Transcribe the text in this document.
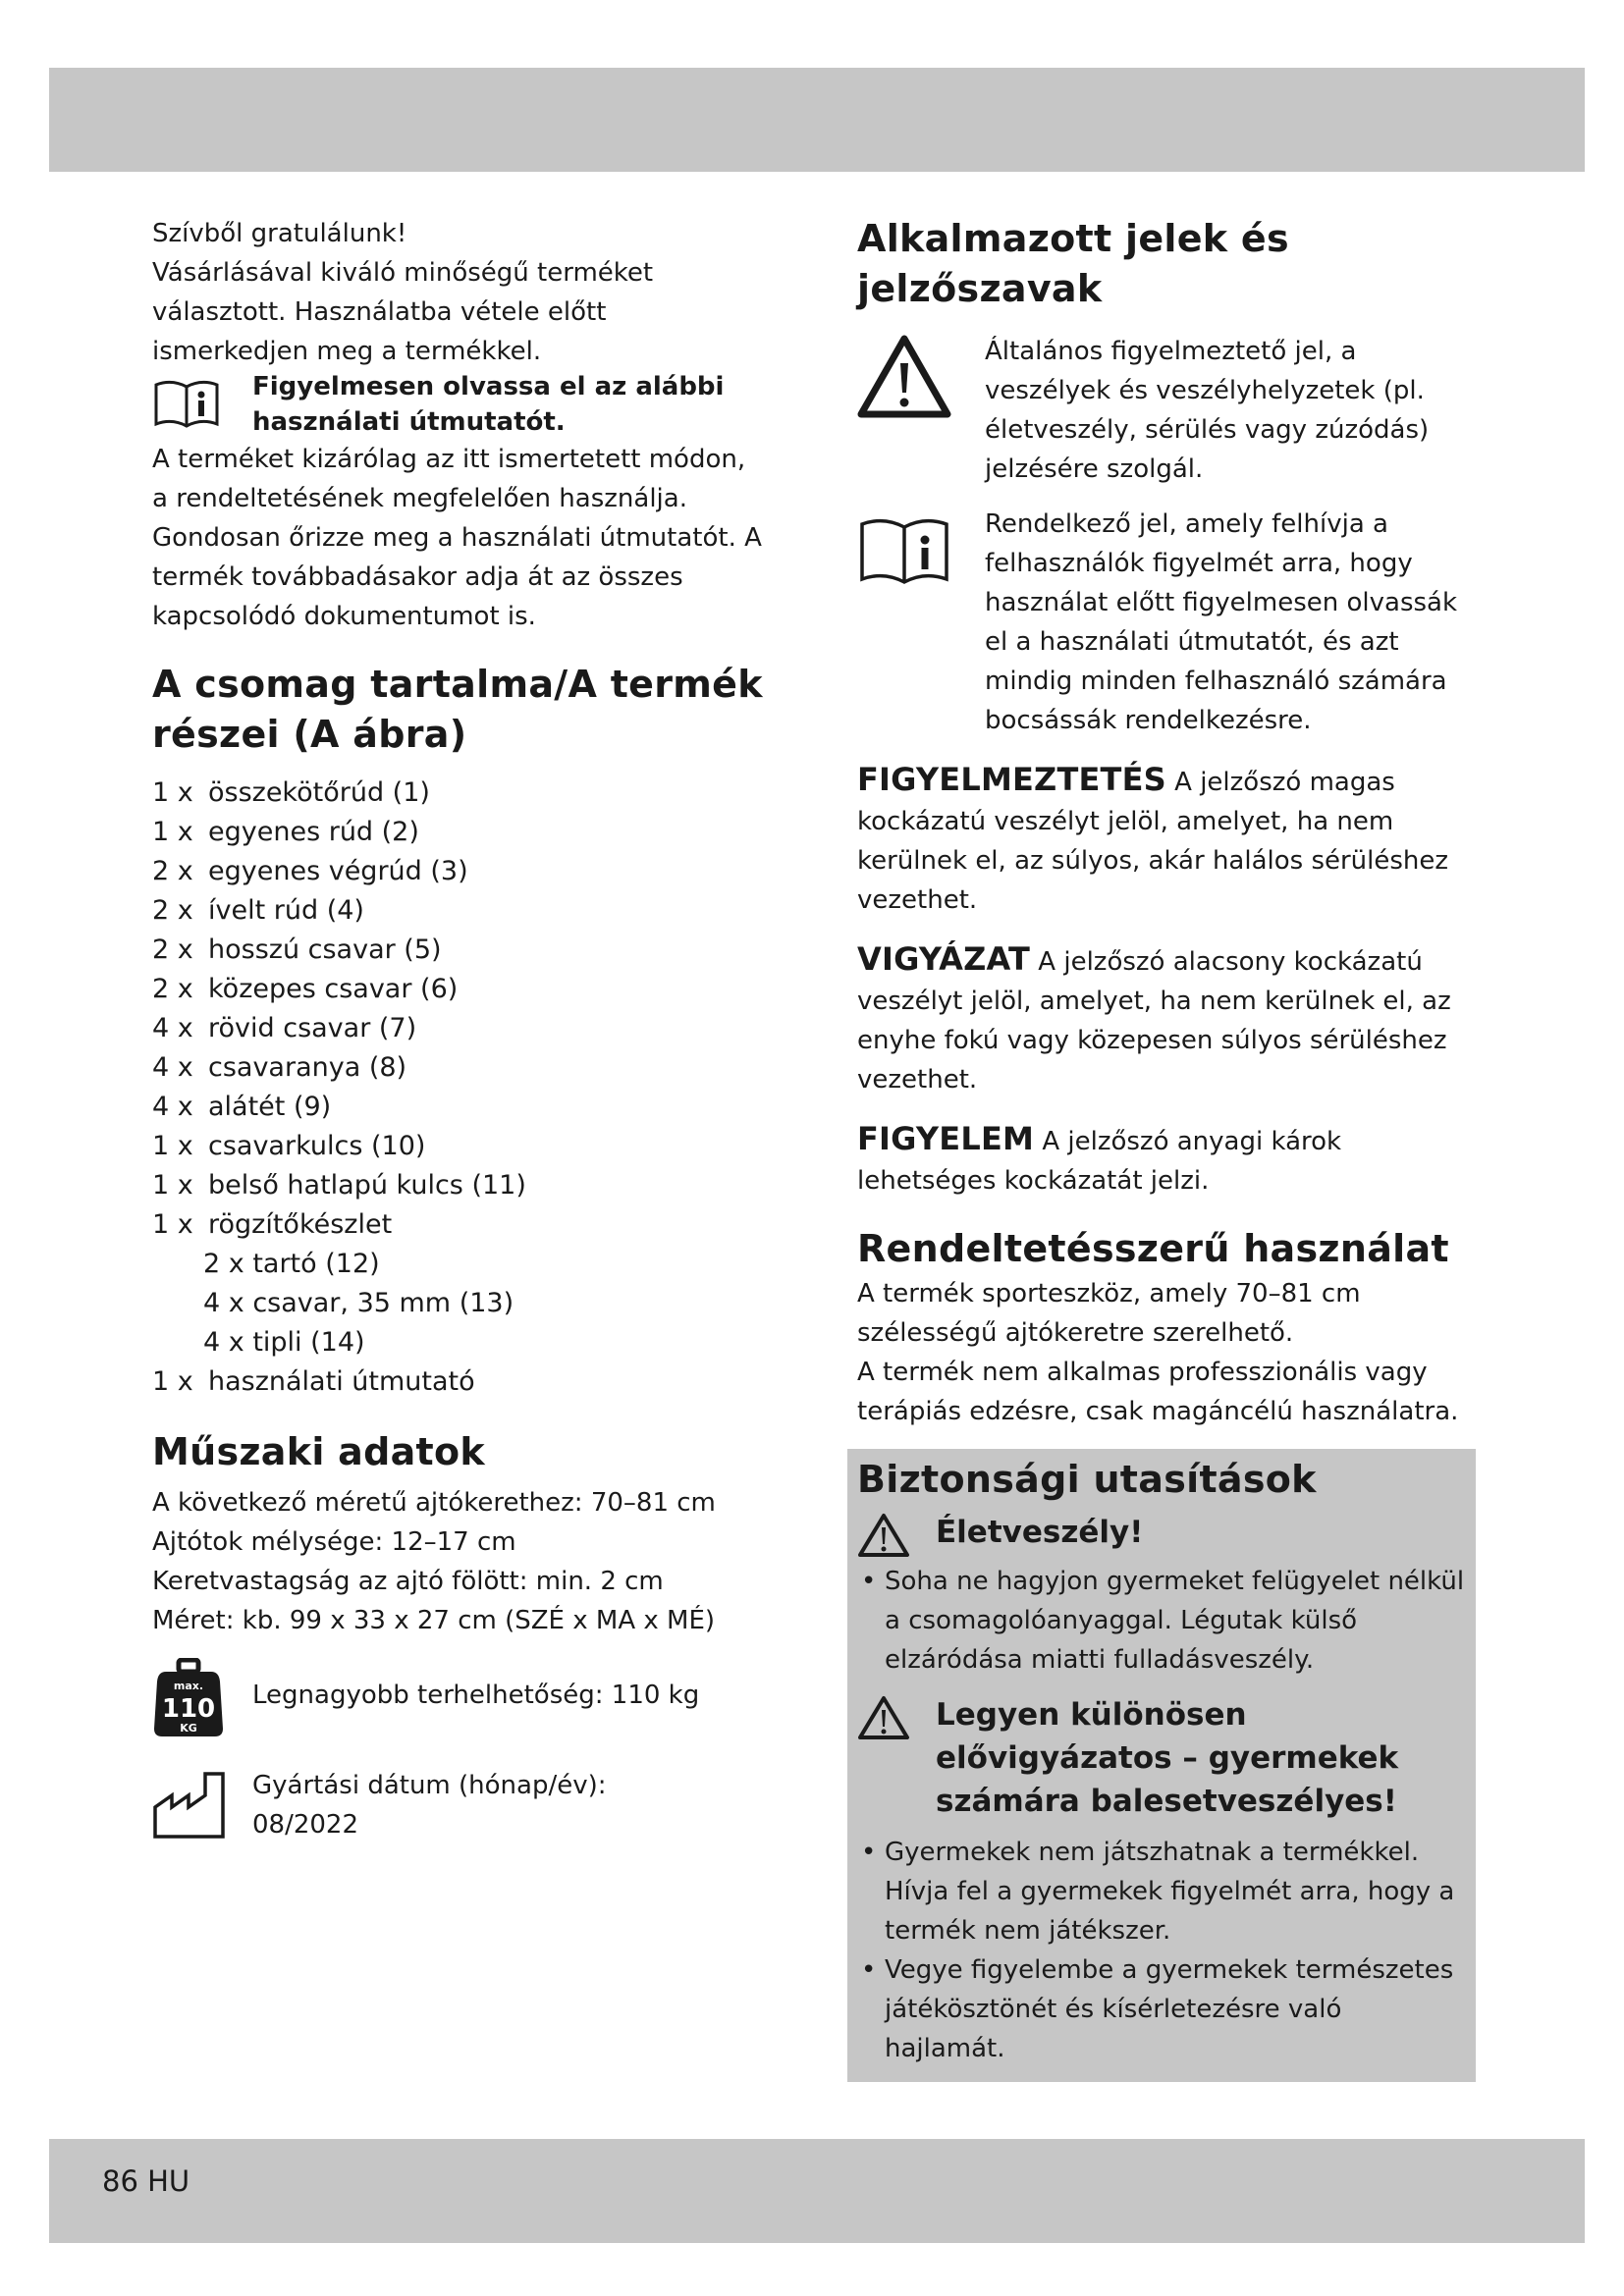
Szívből gratulálunk!

Vásárlásával kiváló minőségű terméket választott. Használatba vétele előtt ismerkedjen meg a termékkel.

Figyelmesen olvassa el az alábbi használati útmutatót.

A terméket kizárólag az itt ismertetett módon, a rendeltetésének megfelelően használja. Gondosan őrizze meg a használati útmutatót. A termék továbbadásakor adja át az összes kapcsolódó dokumentumot is.

A csomag tartalma/A termék részei (A ábra)
1 x összekötőrúd (1)
1 x egyenes rúd (2)
2 x egyenes végrúd (3)
2 x ívelt rúd (4)
2 x hosszú csavar (5)
2 x közepes csavar (6)
4 x rövid csavar (7)
4 x csavaranya (8)
4 x alátét (9)
1 x csavarkulcs (10)
1 x belső hatlapú kulcs (11)
1 x rögzítőkészlet
2 x tartó (12)
4 x csavar, 35 mm (13)
4 x tipli (14)
1 x használati útmutató
Műszaki adatok

A következő méretű ajtókerethez: 70–81 cm

Ajtótok mélysége: 12–17 cm

Keretvastagság az ajtó fölött: min. 2 cm

Méret: kb. 99 x 33 x 27 cm (SZÉ x MA x MÉ)

max.
110
KG

Legnagyobb terhelhetőség: 110 kg

Gyártási dátum (hónap/év):

08/2022

Alkalmazott jelek és jelzőszavak

Általános figyelmeztető jel, a veszélyek és veszélyhelyzetek (pl. életveszély, sérülés vagy zúzódás) jelzésére szolgál.

Rendelkező jel, amely felhívja a felhasználók figyelmét arra, hogy használat előtt figyelmesen olvassák el a használati útmutatót, és azt mindig minden felhasználó számára bocsássák rendelkezésre.

FIGYELMEZTETÉS A jelzőszó magas kockázatú veszélyt jelöl, amelyet, ha nem kerülnek el, az súlyos, akár halálos sérüléshez vezethet.
VIGYÁZAT A jelzőszó alacsony kockázatú veszélyt jelöl, amelyet, ha nem kerülnek el, az enyhe fokú vagy közepesen súlyos sérüléshez vezethet.
FIGYELEM A jelzőszó anyagi károk lehetséges kockázatát jelzi.
Rendeltetésszerű használat

A termék sporteszköz, amely 70–81 cm szélességű ajtókeretre szerelhető.

A termék nem alkalmas professzionális vagy terápiás edzésre, csak magáncélú használatra.

Biztonsági utasítások
Életveszély!
• Soha ne hagyjon gyermeket felügyelet nélkül a csomagolóanyaggal. Légutak külső elzáródása miatti fulladásveszély.
Legyen különösen elővigyázatos – gyermekek számára balesetveszélyes!
• Gyermekek nem játszhatnak a termékkel. Hívja fel a gyermekek figyelmét arra, hogy a termék nem játékszer.
• Vegye figyelembe a gyermekek természetes játékösztönét és kísérletezésre való hajlamát.
86 HU
